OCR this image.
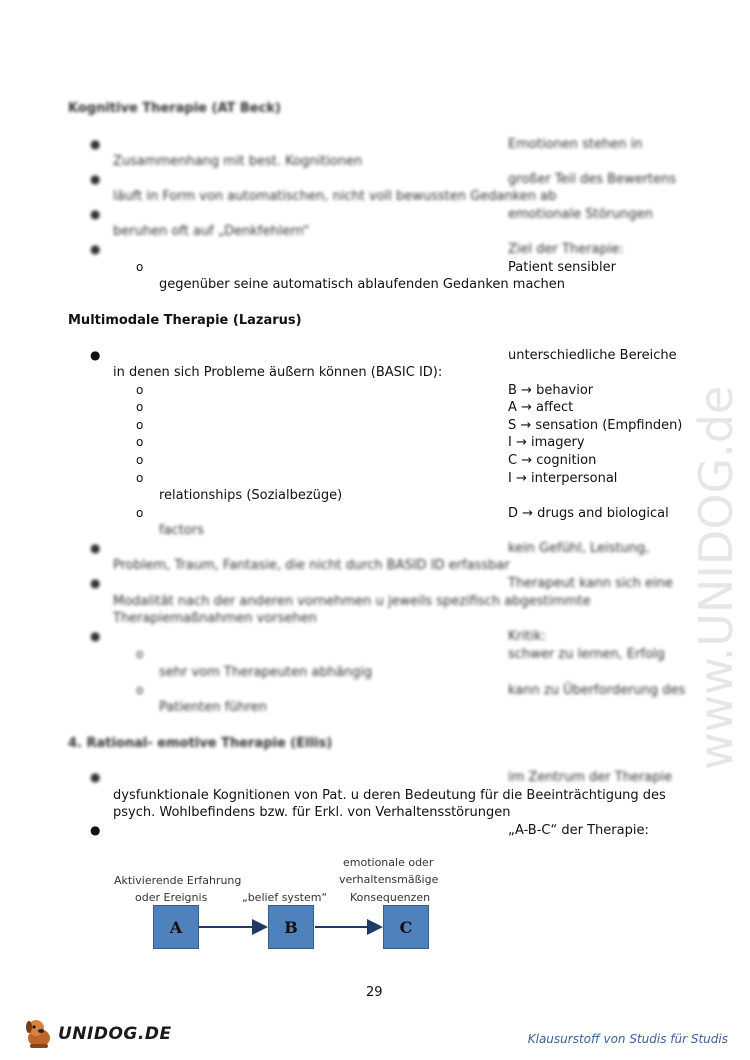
www.UNIDOG.de
Kognitive Therapie (AT Beck)
●	Emotionen stehen in
Zusammenhang mit best. Kognitionen
●	großer Teil des Bewertens
läuft in Form von automatischen, nicht voll bewussten Gedanken ab
●	emotionale Störungen
beruhen oft auf „Denkfehlern“
●	Ziel der Therapie:
o	Patient sensibler
gegenüber seine automatisch ablaufenden Gedanken machen
Multimodale Therapie (Lazarus)
●	unterschiedliche Bereiche
in denen sich Probleme äußern können (BASIC ID):
o	B → behavior
o	A → affect
o	S → sensation (Empfinden)
o	I → imagery
o	C → cognition
o	I → interpersonal
relationships (Sozialbezüge)
o	D → drugs and biological
factors
●	kein Gefühl, Leistung,
Problem, Traum, Fantasie, die nicht durch BASID ID erfassbar
●	Therapeut kann sich eine
Modalität nach der anderen vornehmen u jeweils spezifisch abgestimmte
Therapiemaßnahmen vorsehen
●	Kritik:
o	schwer zu lernen, Erfolg
sehr vom Therapeuten abhängig
o	kann zu Überforderung des
Patienten führen
4. Rational- emotive Therapie (Ellis)
●	im Zentrum der Therapie
dysfunktionale Kognitionen von Pat. u deren Bedeutung für die Beeinträchtigung des
psych. Wohlbefindens bzw. für Erkl. von Verhaltensstörungen
●	„A-B-C“ der Therapie:
Aktivierende Erfahrung
oder Ereignis	„belief system“
emotionale oder
verhaltensmäßige
Konsequenzen
A	B	C
29
UNIDOG.DE	Klausurstoff von Studis für Studis
